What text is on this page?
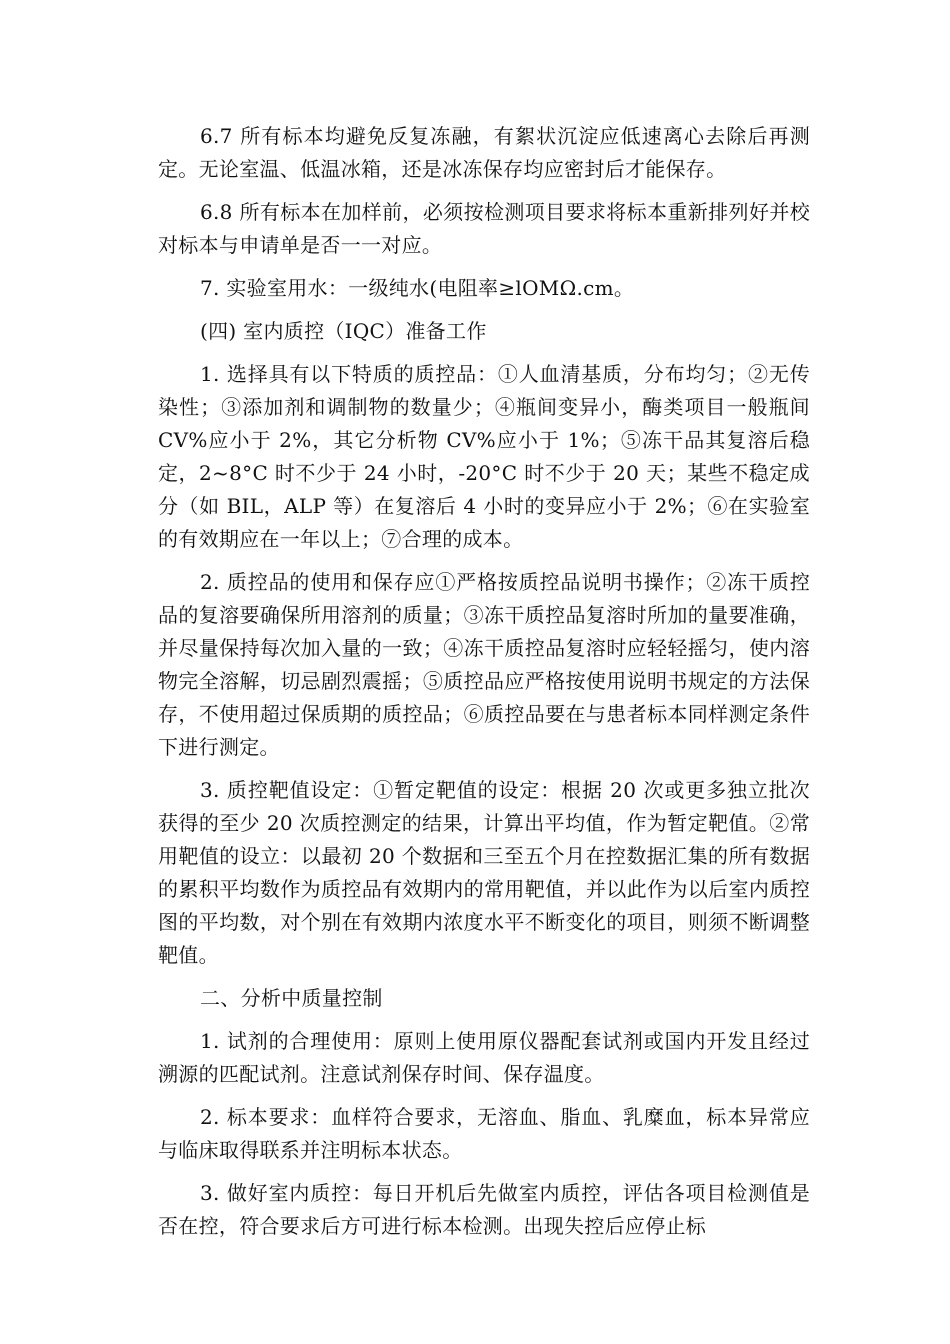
6.7 所有标本均避免反复冻融，有絮状沉淀应低速离心去除后再测定。无论室温、低温冰箱，还是冰冻保存均应密封后才能保存。

6.8 所有标本在加样前，必须按检测项目要求将标本重新排列好并校对标本与申请单是否一一对应。

7. 实验室用水：一级纯水(电阻率≥lOMΩ.cm。

(四) 室内质控（IQC）准备工作

1. 选择具有以下特质的质控品：①人血清基质，分布均匀；②无传染性；③添加剂和调制物的数量少；④瓶间变异小，酶类项目一般瓶间 CV%应小于 2%，其它分析物 CV%应小于 1%；⑤冻干品其复溶后稳定，2~8°C 时不少于 24 小时，-20°C 时不少于 20 天；某些不稳定成分（如 BIL，ALP 等）在复溶后 4 小时的变异应小于 2%；⑥在实验室的有效期应在一年以上；⑦合理的成本。

2. 质控品的使用和保存应①严格按质控品说明书操作；②冻干质控品的复溶要确保所用溶剂的质量；③冻干质控品复溶时所加的量要准确，并尽量保持每次加入量的一致；④冻干质控品复溶时应轻轻摇匀，使内溶物完全溶解，切忌剧烈震摇；⑤质控品应严格按使用说明书规定的方法保存，不使用超过保质期的质控品；⑥质控品要在与患者标本同样测定条件下进行测定。

3. 质控靶值设定：①暂定靶值的设定：根据 20 次或更多独立批次获得的至少 20 次质控测定的结果，计算出平均值，作为暂定靶值。②常用靶值的设立：以最初 20 个数据和三至五个月在控数据汇集的所有数据的累积平均数作为质控品有效期内的常用靶值，并以此作为以后室内质控图的平均数，对个别在有效期内浓度水平不断变化的项目，则须不断调整靶值。

二、分析中质量控制

1. 试剂的合理使用：原则上使用原仪器配套试剂或国内开发且经过溯源的匹配试剂。注意试剂保存时间、保存温度。

2. 标本要求：血样符合要求，无溶血、脂血、乳糜血，标本异常应与临床取得联系并注明标本状态。

3. 做好室内质控：每日开机后先做室内质控，评估各项目检测值是否在控，符合要求后方可进行标本检测。出现失控后应停止标
